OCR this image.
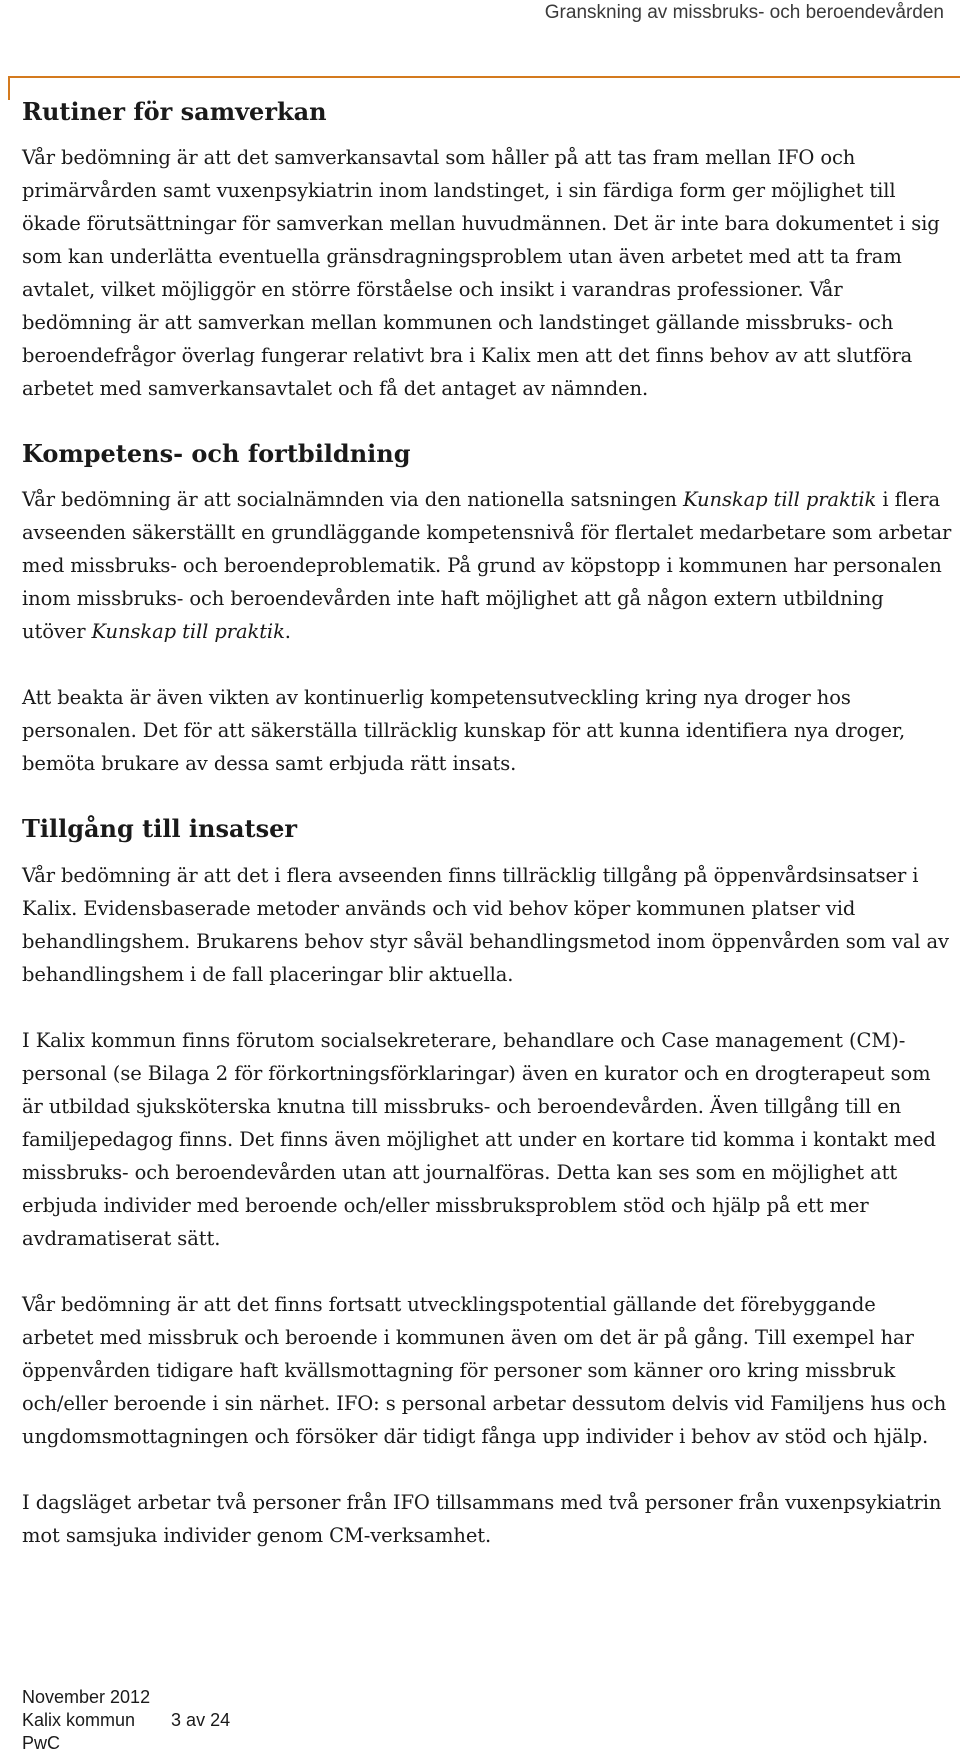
Granskning av missbruks- och beroendevården
Rutiner för samverkan

Vår bedömning är att det samverkansavtal som håller på att tas fram mellan IFO och primärvården samt vuxenpsykiatrin inom landstinget, i sin färdiga form ger möjlighet till ökade förutsättningar för samverkan mellan huvudmännen. Det är inte bara dokumentet i sig som kan underlätta eventuella gränsdragningsproblem utan även arbetet med att ta fram avtalet, vilket möjliggör en större förståelse och insikt i varandras professioner. Vår bedömning är att samverkan mellan kommunen och landstinget gällande missbruks- och beroendefrågor överlag fungerar relativt bra i Kalix men att det finns behov av att slutföra arbetet med samverkansavtalet och få det antaget av nämnden.

Kompetens- och fortbildning

Vår bedömning är att socialnämnden via den nationella satsningen Kunskap till praktik i flera avseenden säkerställt en grundläggande kompetensnivå för flertalet medarbetare som arbetar med missbruks- och beroendeproblematik. På grund av köpstopp i kommunen har personalen inom missbruks- och beroendevården inte haft möjlighet att gå någon extern utbildning utöver Kunskap till praktik.

Att beakta är även vikten av kontinuerlig kompetensutveckling kring nya droger hos personalen. Det för att säkerställa tillräcklig kunskap för att kunna identifiera nya droger, bemöta brukare av dessa samt erbjuda rätt insats.

Tillgång till insatser

Vår bedömning är att det i flera avseenden finns tillräcklig tillgång på öppenvårdsinsatser i Kalix. Evidensbaserade metoder används och vid behov köper kommunen platser vid behandlingshem. Brukarens behov styr såväl behandlingsmetod inom öppenvården som val av behandlingshem i de fall placeringar blir aktuella.

I Kalix kommun finns förutom socialsekreterare, behandlare och Case management (CM)-personal (se Bilaga 2 för förkortningsförklaringar) även en kurator och en drogterapeut som är utbildad sjuksköterska knutna till missbruks- och beroendevården. Även tillgång till en familjepedagog finns. Det finns även möjlighet att under en kortare tid komma i kontakt med missbruks- och beroendevården utan att journalföras. Detta kan ses som en möjlighet att erbjuda individer med beroende och/eller missbruksproblem stöd och hjälp på ett mer avdramatiserat sätt.

Vår bedömning är att det finns fortsatt utvecklingspotential gällande det förebyggande arbetet med missbruk och beroende i kommunen även om det är på gång. Till exempel har öppenvården tidigare haft kvällsmottagning för personer som känner oro kring missbruk och/eller beroende i sin närhet. IFO: s personal arbetar dessutom delvis vid Familjens hus och ungdomsmottagningen och försöker där tidigt fånga upp individer i behov av stöd och hjälp.

I dagsläget arbetar två personer från IFO tillsammans med två personer från vuxenpsykiatrin mot samsjuka individer genom CM-verksamhet.

November 2012
Kalix kommun 3 av 24
PwC
